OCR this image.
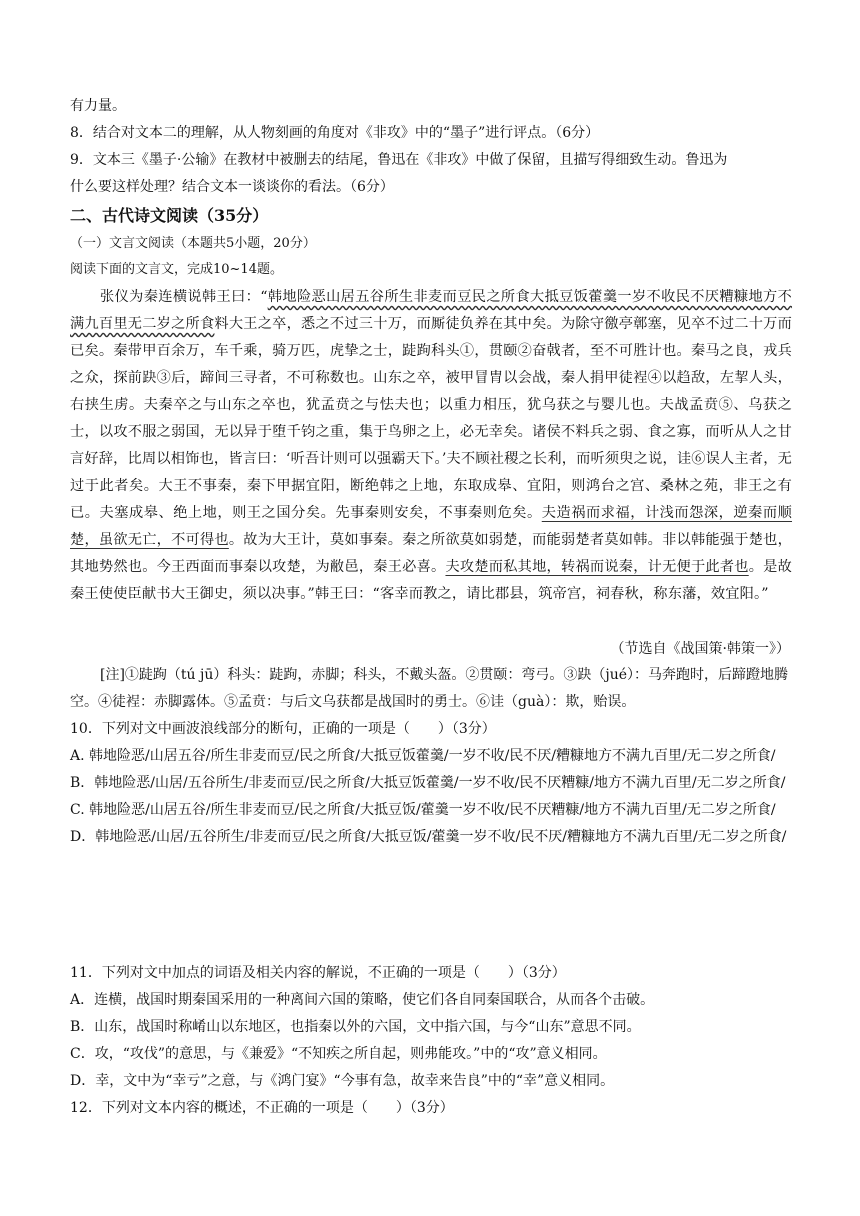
有力量。
8．结合对文本二的理解，从人物刻画的角度对《非攻》中的“墨子”进行评点。（6分）
9．文本三《墨子·公输》在教材中被删去的结尾，鲁迅在《非攻》中做了保留，且描写得细致生动。鲁迅为
什么要这样处理？结合文本一谈谈你的看法。（6分）
二、古代诗文阅读（35分）
（一）文言文阅读（本题共5小题，20分）
阅读下面的文言文，完成10~14题。

张仪为秦连横说韩王曰：“韩地险恶山居五谷所生非麦而豆民之所食大抵豆饭藿羹一岁不收民不厌糟糠地方不满九百里无二岁之所食料大王之卒，悉之不过三十万，而厮徒负养在其中矣。为除守徼亭鄣塞，见卒不过二十万而已矣。秦带甲百余万，车千乘，骑万匹，虎挚之士，跿跔科头①，贯颐②奋戟者，至不可胜计也。秦马之良，戎兵之众，探前趹③后，蹄间三寻者，不可称数也。山东之卒，被甲冒胄以会战，秦人捐甲徒裎④以趋敌，左挈人头，右挟生虏。夫秦卒之与山东之卒也，犹孟贲之与怯夫也；以重力相压，犹乌获之与婴儿也。夫战孟贲⑤、乌获之士，以攻不服之弱国，无以异于堕千钧之重，集于鸟卵之上，必无幸矣。诸侯不料兵之弱、食之寡，而听从人之甘言好辞，比周以相饰也，皆言曰：‘听吾计则可以强霸天下。’夫不顾社稷之长利，而听须臾之说，诖⑥误人主者，无过于此者矣。大王不事秦，秦下甲据宜阳，断绝韩之上地，东取成皋、宜阳，则鸿台之宫、桑林之苑，非王之有已。夫塞成皋、绝上地，则王之国分矣。先事秦则安矣，不事秦则危矣。夫造祸而求福，计浅而怨深，逆秦而顺楚，虽欲无亡，不可得也。故为大王计，莫如事秦。秦之所欲莫如弱楚，而能弱楚者莫如韩。非以韩能强于楚也，其地势然也。今王西面而事秦以攻楚，为敝邑，秦王必喜。夫攻楚而私其地，转祸而说秦，计无便于此者也。是故秦王使使臣献书大王御史，须以决事。”韩王曰：“客幸而教之，请比郡县，筑帝宫，祠春秋，称东藩，效宜阳。”

（节选自《战国策·韩策一》）
[注]①跿跔（tú jū）科头：跿跔，赤脚；科头，不戴头盔。②贯颐：弯弓。③趹（jué）：马奔跑时，后蹄蹬地腾空。④徒裎：赤脚露体。⑤孟贲：与后文乌获都是战国时的勇士。⑥诖（guà）：欺，贻误。
10．下列对文中画波浪线部分的断句，正确的一项是（　　）（3分）
A. 韩地险恶/山居五谷/所生非麦而豆/民之所食/大抵豆饭藿羹/一岁不收/民不厌/糟糠地方不满九百里/无二岁之所食/
B．韩地险恶/山居/五谷所生/非麦而豆/民之所食/大抵豆饭藿羹/一岁不收/民不厌糟糠/地方不满九百里/无二岁之所食/
C. 韩地险恶/山居五谷/所生非麦而豆/民之所食/大抵豆饭/藿羹一岁不收/民不厌糟糠/地方不满九百里/无二岁之所食/
D．韩地险恶/山居/五谷所生/非麦而豆/民之所食/大抵豆饭/藿羹一岁不收/民不厌/糟糠地方不满九百里/无二岁之所食/
11．下列对文中加点的词语及相关内容的解说，不正确的一项是（　　）（3分）
A．连横，战国时期秦国采用的一种离间六国的策略，使它们各自同秦国联合，从而各个击破。
B．山东，战国时称崤山以东地区，也指秦以外的六国，文中指六国，与今“山东”意思不同。
C．攻，“攻伐”的意思，与《兼爱》“不知疾之所自起，则弗能攻。”中的“攻”意义相同。
D．幸，文中为“幸亏”之意，与《鸿门宴》“今事有急，故幸来告良”中的“幸”意义相同。
12．下列对文本内容的概述，不正确的一项是（　　）（3分）
